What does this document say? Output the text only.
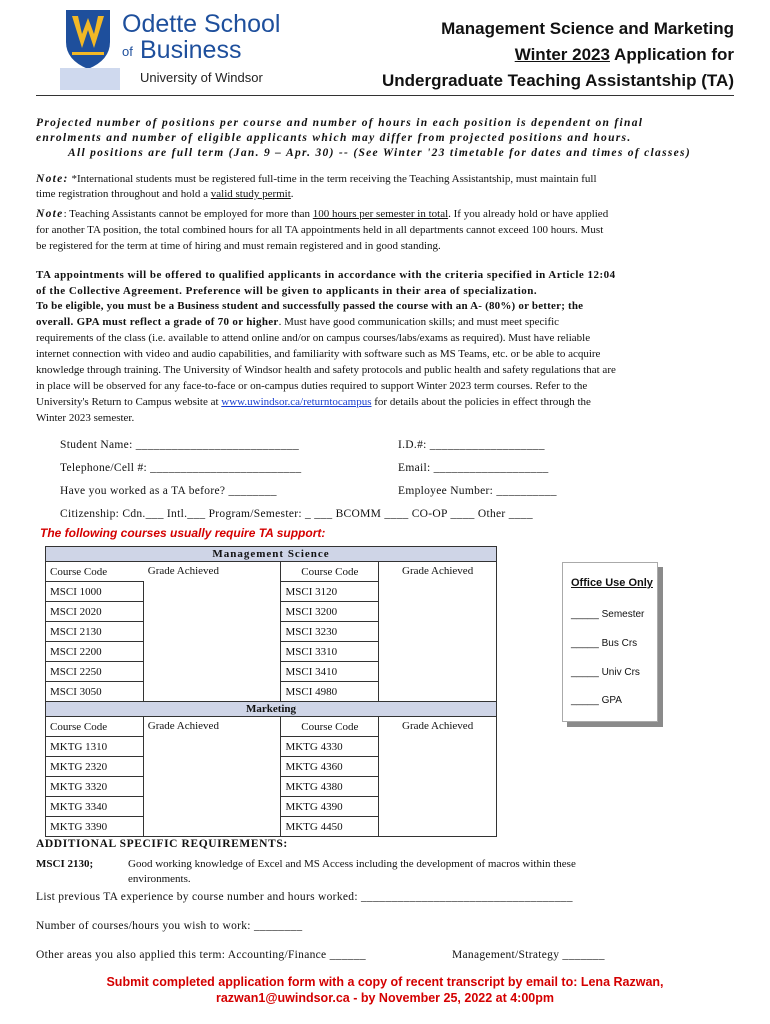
Odette School
of Business
University of Windsor
Management Science and Marketing
Winter 2023 Application for
Undergraduate Teaching Assistantship (TA)
Projected number of positions per course and number of hours in each position is dependent on final
enrolments and number of eligible applicants which may differ from projected positions and hours.
All positions are full term (Jan. 9 – Apr. 30) -- (See Winter '23 timetable for dates and times of classes)
Note: *International students must be registered full-time in the term receiving the Teaching Assistantship, must maintain full
time registration throughout and hold a valid study permit.
Note: Teaching Assistants cannot be employed for more than 100 hours per semester in total. If you already hold or have applied
for another TA position, the total combined hours for all TA appointments held in all departments cannot exceed 100 hours. Must
be registered for the term at time of hiring and must remain registered and in good standing.
TA appointments will be offered to qualified applicants in accordance with the criteria specified in Article 12:04
of the Collective Agreement. Preference will be given to applicants in their area of specialization.
To be eligible, you must be a Business student and successfully passed the course with an A- (80%) or better; the
overall. GPA must reflect a grade of 70 or higher. Must have good communication skills; and must meet specific
requirements of the class (i.e. available to attend online and/or on campus courses/labs/exams as required). Must have reliable
internet connection with video and audio capabilities, and familiarity with software such as MS Teams, etc. or be able to acquire
knowledge through training. The University of Windsor health and safety protocols and public health and safety regulations that are
in place will be observed for any face-to-face or on-campus duties required to support Winter 2023 term courses. Refer to the
University's Return to Campus website at www.uwindsor.ca/returntocampus for details about the policies in effect through the
Winter 2023 semester.
Student Name: ___________________________	I.D.#: ___________________
Telephone/Cell #: _________________________	Email: ___________________
Have you worked as a TA before? ________	Employee Number: __________
Citizenship: Cdn.___ Intl.___ Program/Semester: _ ___ BCOMM ____ CO-OP ____ Other ____
The following courses usually require TA support:
Management Science			
Course Code	Grade Achieved	Course Code	Grade Achieved
MSCI 1000		MSCI 3120	
MSCI 2020		MSCI 3200	
MSCI 2130		MSCI 3230	
MSCI 2200		MSCI 3310	
MSCI 2250		MSCI 3410	
MSCI 3050		MSCI 4980	
Marketing			
Course Code	Grade Achieved	Course Code	Grade Achieved
MKTG 1310		MKTG 4330	
MKTG 2320		MKTG 4360	
MKTG 3320		MKTG 4380	
MKTG 3340		MKTG 4390	
MKTG 3390		MKTG 4450	
Office Use Only
_____ Semester
_____ Bus Crs
_____ Univ Crs
_____ GPA
ADDITIONAL SPECIFIC REQUIREMENTS:
MSCI 2130;	Good working knowledge of Excel and MS Access including the development of macros within these
environments.
List previous TA experience by course number and hours worked: ___________________________________
Number of courses/hours you wish to work: ________
Other areas you also applied this term: Accounting/Finance ______	Management/Strategy _______
Submit completed application form with a copy of recent transcript by email to: Lena Razwan,
razwan1@uwindsor.ca - by November 25, 2022 at 4:00pm
